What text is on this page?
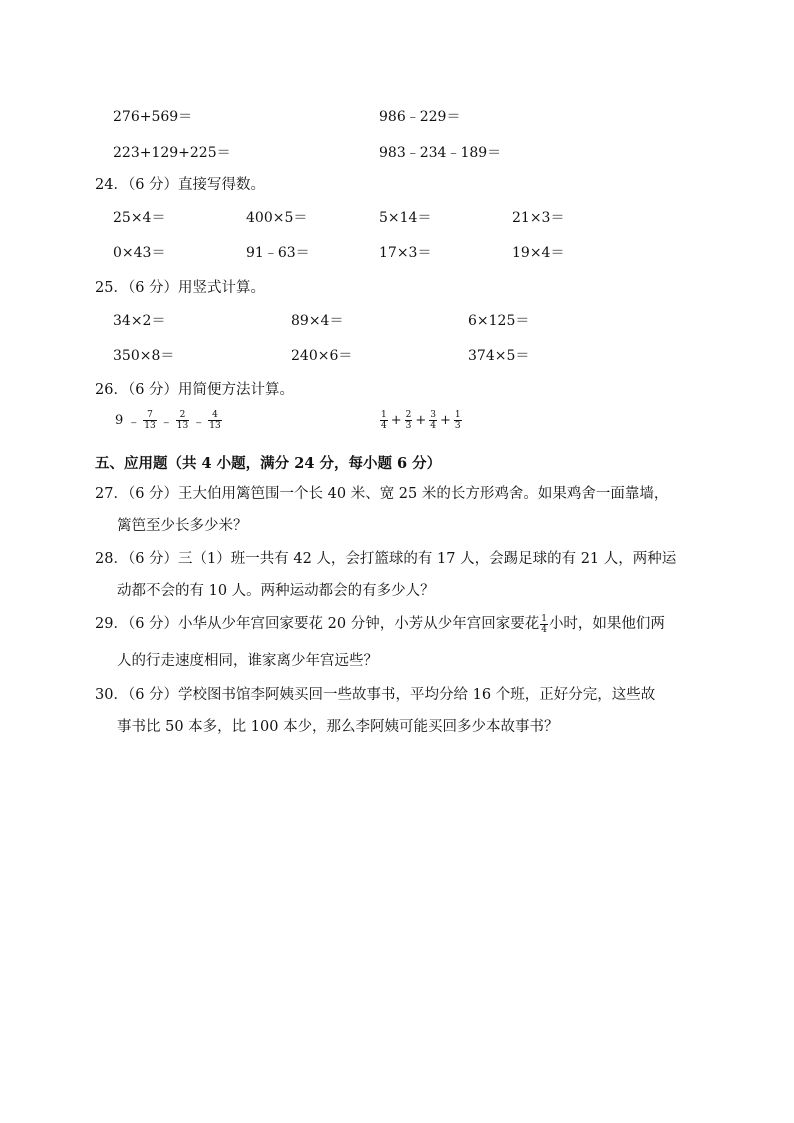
276+569＝	986﹣229＝
223+129+225＝	983﹣234﹣189＝
24．（6 分）直接写得数。
25×4＝	400×5＝	5×14＝	21×3＝
0×43＝	91﹣63＝	17×3＝	19×4＝
25．（6 分）用竖式计算。
34×2＝	89×4＝	6×125＝
350×8＝	240×6＝	374×5＝
26．（6 分）用简便方法计算。
9 ﹣ $\frac{7}{13}$ ﹣ $\frac{2}{13}$ ﹣ $\frac{4}{13}$	$\frac{1}{4} + \frac{2}{3} + \frac{3}{4} + \frac{1}{3}$
五、应用题（共 4 小题，满分 24 分，每小题 6 分）
27．（6 分）王大伯用篱笆围一个长 40 米、宽 25 米的长方形鸡舍。如果鸡舍一面靠墙，
篱笆至少长多少米？
28．（6 分）三（1）班一共有 42 人，会打篮球的有 17 人，会踢足球的有 21 人，两种运
动都不会的有 10 人。两种运动都会的有多少人？
29．（6 分）小华从少年宫回家要花 20 分钟，小芳从少年宫回家要花 $\frac{1}{4}$ 小时，如果他们两
人的行走速度相同，谁家离少年宫远些？
30．（6 分）学校图书馆李阿姨买回一些故事书，平均分给 16 个班，正好分完，这些故
事书比 50 本多，比 100 本少，那么李阿姨可能买回多少本故事书？
